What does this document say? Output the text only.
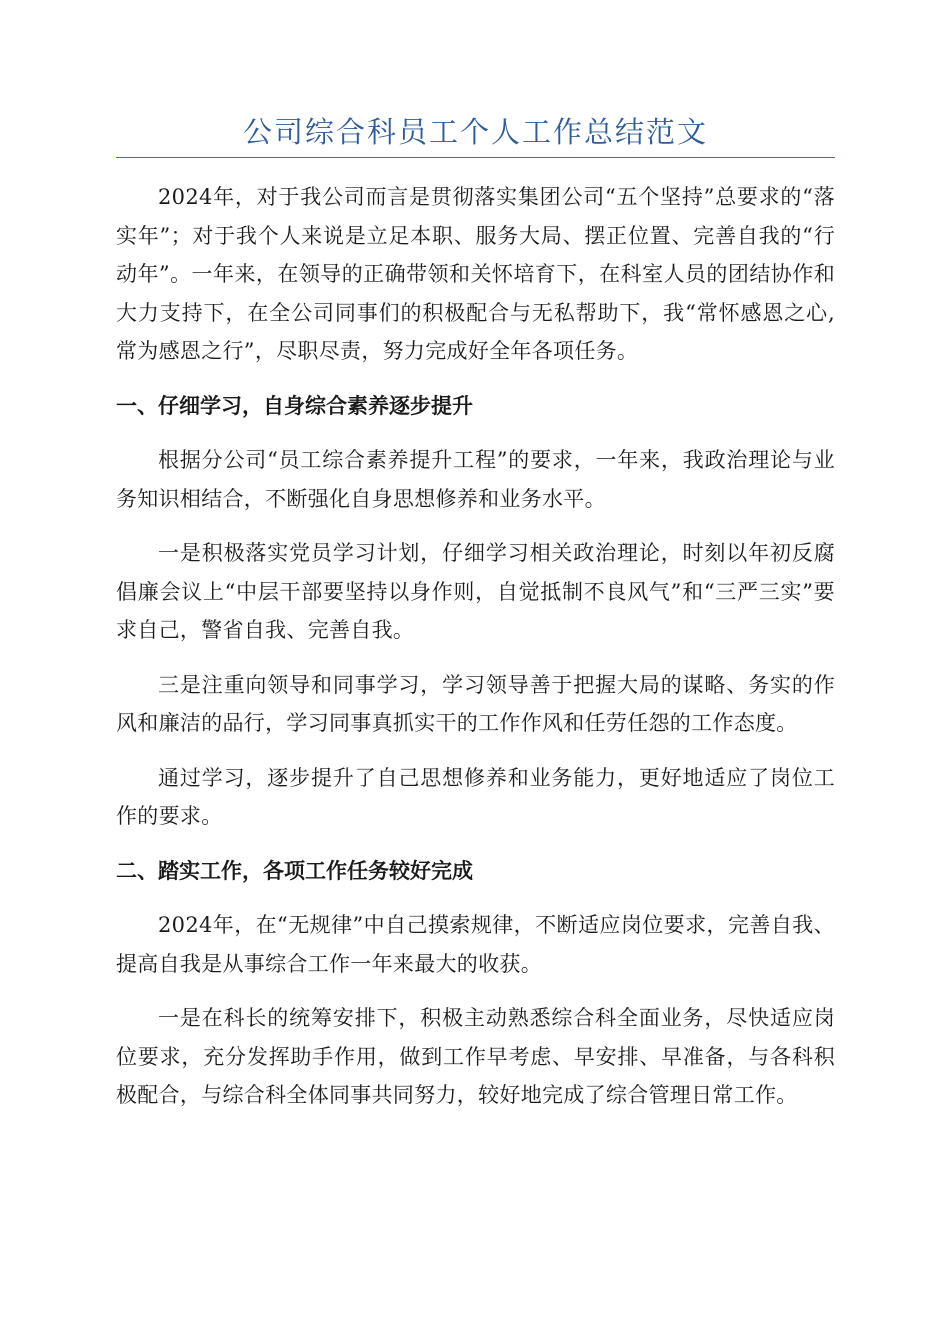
公司综合科员工个人工作总结范文

2024年，对于我公司而言是贯彻落实集团公司“五个坚持”总要求的“落实年”；对于我个人来说是立足本职、服务大局、摆正位置、完善自我的“行动年”。一年来，在领导的正确带领和关怀培育下，在科室人员的团结协作和大力支持下，在全公司同事们的积极配合与无私帮助下，我“常怀感恩之心,常为感恩之行”，尽职尽责，努力完成好全年各项任务。

一、仔细学习，自身综合素养逐步提升

根据分公司“员工综合素养提升工程”的要求，一年来，我政治理论与业务知识相结合，不断强化自身思想修养和业务水平。

一是积极落实党员学习计划，仔细学习相关政治理论，时刻以年初反腐倡廉会议上“中层干部要坚持以身作则，自觉抵制不良风气”和“三严三实”要求自己，警省自我、完善自我。

三是注重向领导和同事学习，学习领导善于把握大局的谋略、务实的作风和廉洁的品行，学习同事真抓实干的工作作风和任劳任怨的工作态度。

通过学习，逐步提升了自己思想修养和业务能力，更好地适应了岗位工作的要求。

二、踏实工作，各项工作任务较好完成

2024年，在“无规律”中自己摸索规律，不断适应岗位要求，完善自我、提高自我是从事综合工作一年来最大的收获。

一是在科长的统筹安排下，积极主动熟悉综合科全面业务，尽快适应岗位要求，充分发挥助手作用，做到工作早考虑、早安排、早准备，与各科积极配合，与综合科全体同事共同努力，较好地完成了综合管理日常工作。
